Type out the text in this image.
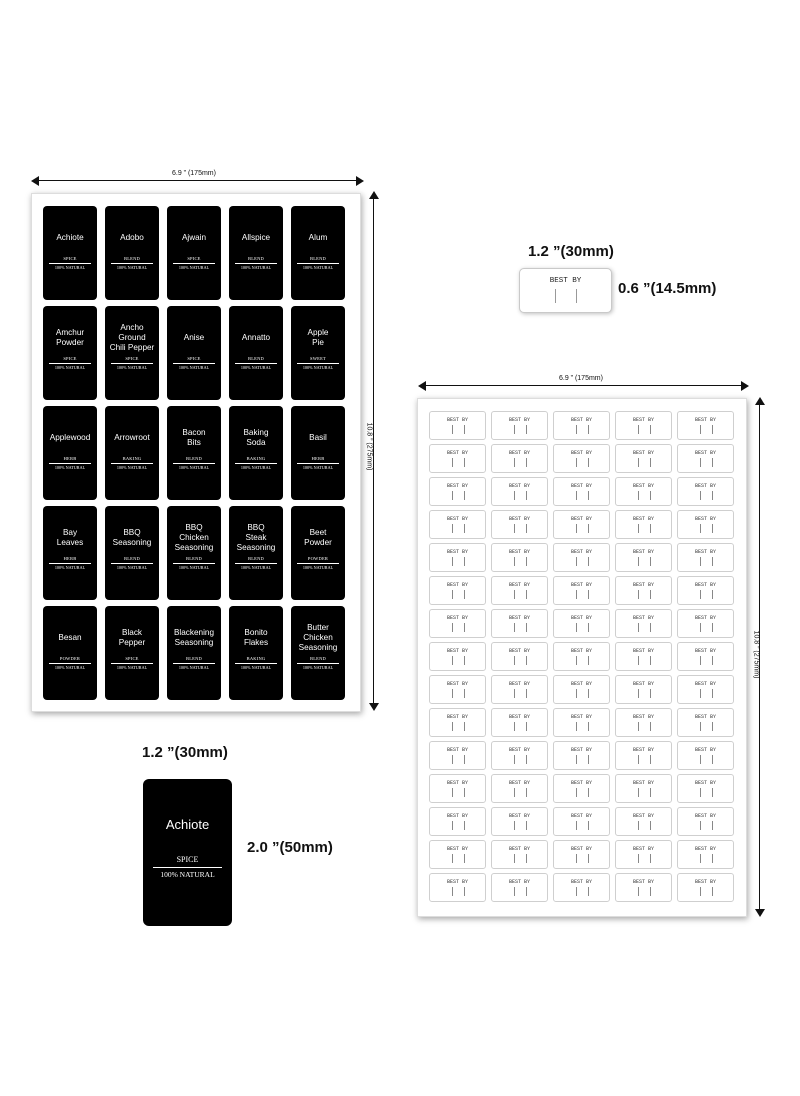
6.9 ” (175mm)
10.8 ” (275mm)
Achiote
SPICE
100% NATURAL
Adobo
BLEND
100% NATURAL
Ajwain
SPICE
100% NATURAL
Allspice
BLEND
100% NATURAL
Alum
BLEND
100% NATURAL
Amchur
Powder
SPICE
100% NATURAL
Ancho
Ground
Chili Pepper
SPICE
100% NATURAL
Anise
SPICE
100% NATURAL
Annatto
BLEND
100% NATURAL
Apple
Pie
SWEET
100% NATURAL
Applewood
HERB
100% NATURAL
Arrowroot
BAKING
100% NATURAL
Bacon
Bits
BLEND
100% NATURAL
Baking
Soda
BAKING
100% NATURAL
Basil
HERB
100% NATURAL
Bay
Leaves
HERB
100% NATURAL
BBQ
Seasoning
BLEND
100% NATURAL
BBQ
Chicken
Seasoning
BLEND
100% NATURAL
BBQ
Steak
Seasoning
BLEND
100% NATURAL
Beet
Powder
POWDER
100% NATURAL
Besan
POWDER
100% NATURAL
Black
Pepper
SPICE
100% NATURAL
Blackening
Seasoning
BLEND
100% NATURAL
Bonito
Flakes
BAKING
100% NATURAL
Butter
Chicken
Seasoning
BLEND
100% NATURAL
1.2 ”(30mm)
Achiote
SPICE
100% NATURAL
2.0 ”(50mm)
1.2 ”(30mm)
BEST BY	0.6 ”(14.5mm)
6.9 ” (175mm)
10.8 ” (275mm)
BEST BY	BEST BY	BEST BY	BEST BY	BEST BY
BEST BY	BEST BY	BEST BY	BEST BY	BEST BY
BEST BY	BEST BY	BEST BY	BEST BY	BEST BY
BEST BY	BEST BY	BEST BY	BEST BY	BEST BY
BEST BY	BEST BY	BEST BY	BEST BY	BEST BY
BEST BY	BEST BY	BEST BY	BEST BY	BEST BY
BEST BY	BEST BY	BEST BY	BEST BY	BEST BY
BEST BY	BEST BY	BEST BY	BEST BY	BEST BY
BEST BY	BEST BY	BEST BY	BEST BY	BEST BY
BEST BY	BEST BY	BEST BY	BEST BY	BEST BY
BEST BY	BEST BY	BEST BY	BEST BY	BEST BY
BEST BY	BEST BY	BEST BY	BEST BY	BEST BY
BEST BY	BEST BY	BEST BY	BEST BY	BEST BY
BEST BY	BEST BY	BEST BY	BEST BY	BEST BY
BEST BY	BEST BY	BEST BY	BEST BY	BEST BY
